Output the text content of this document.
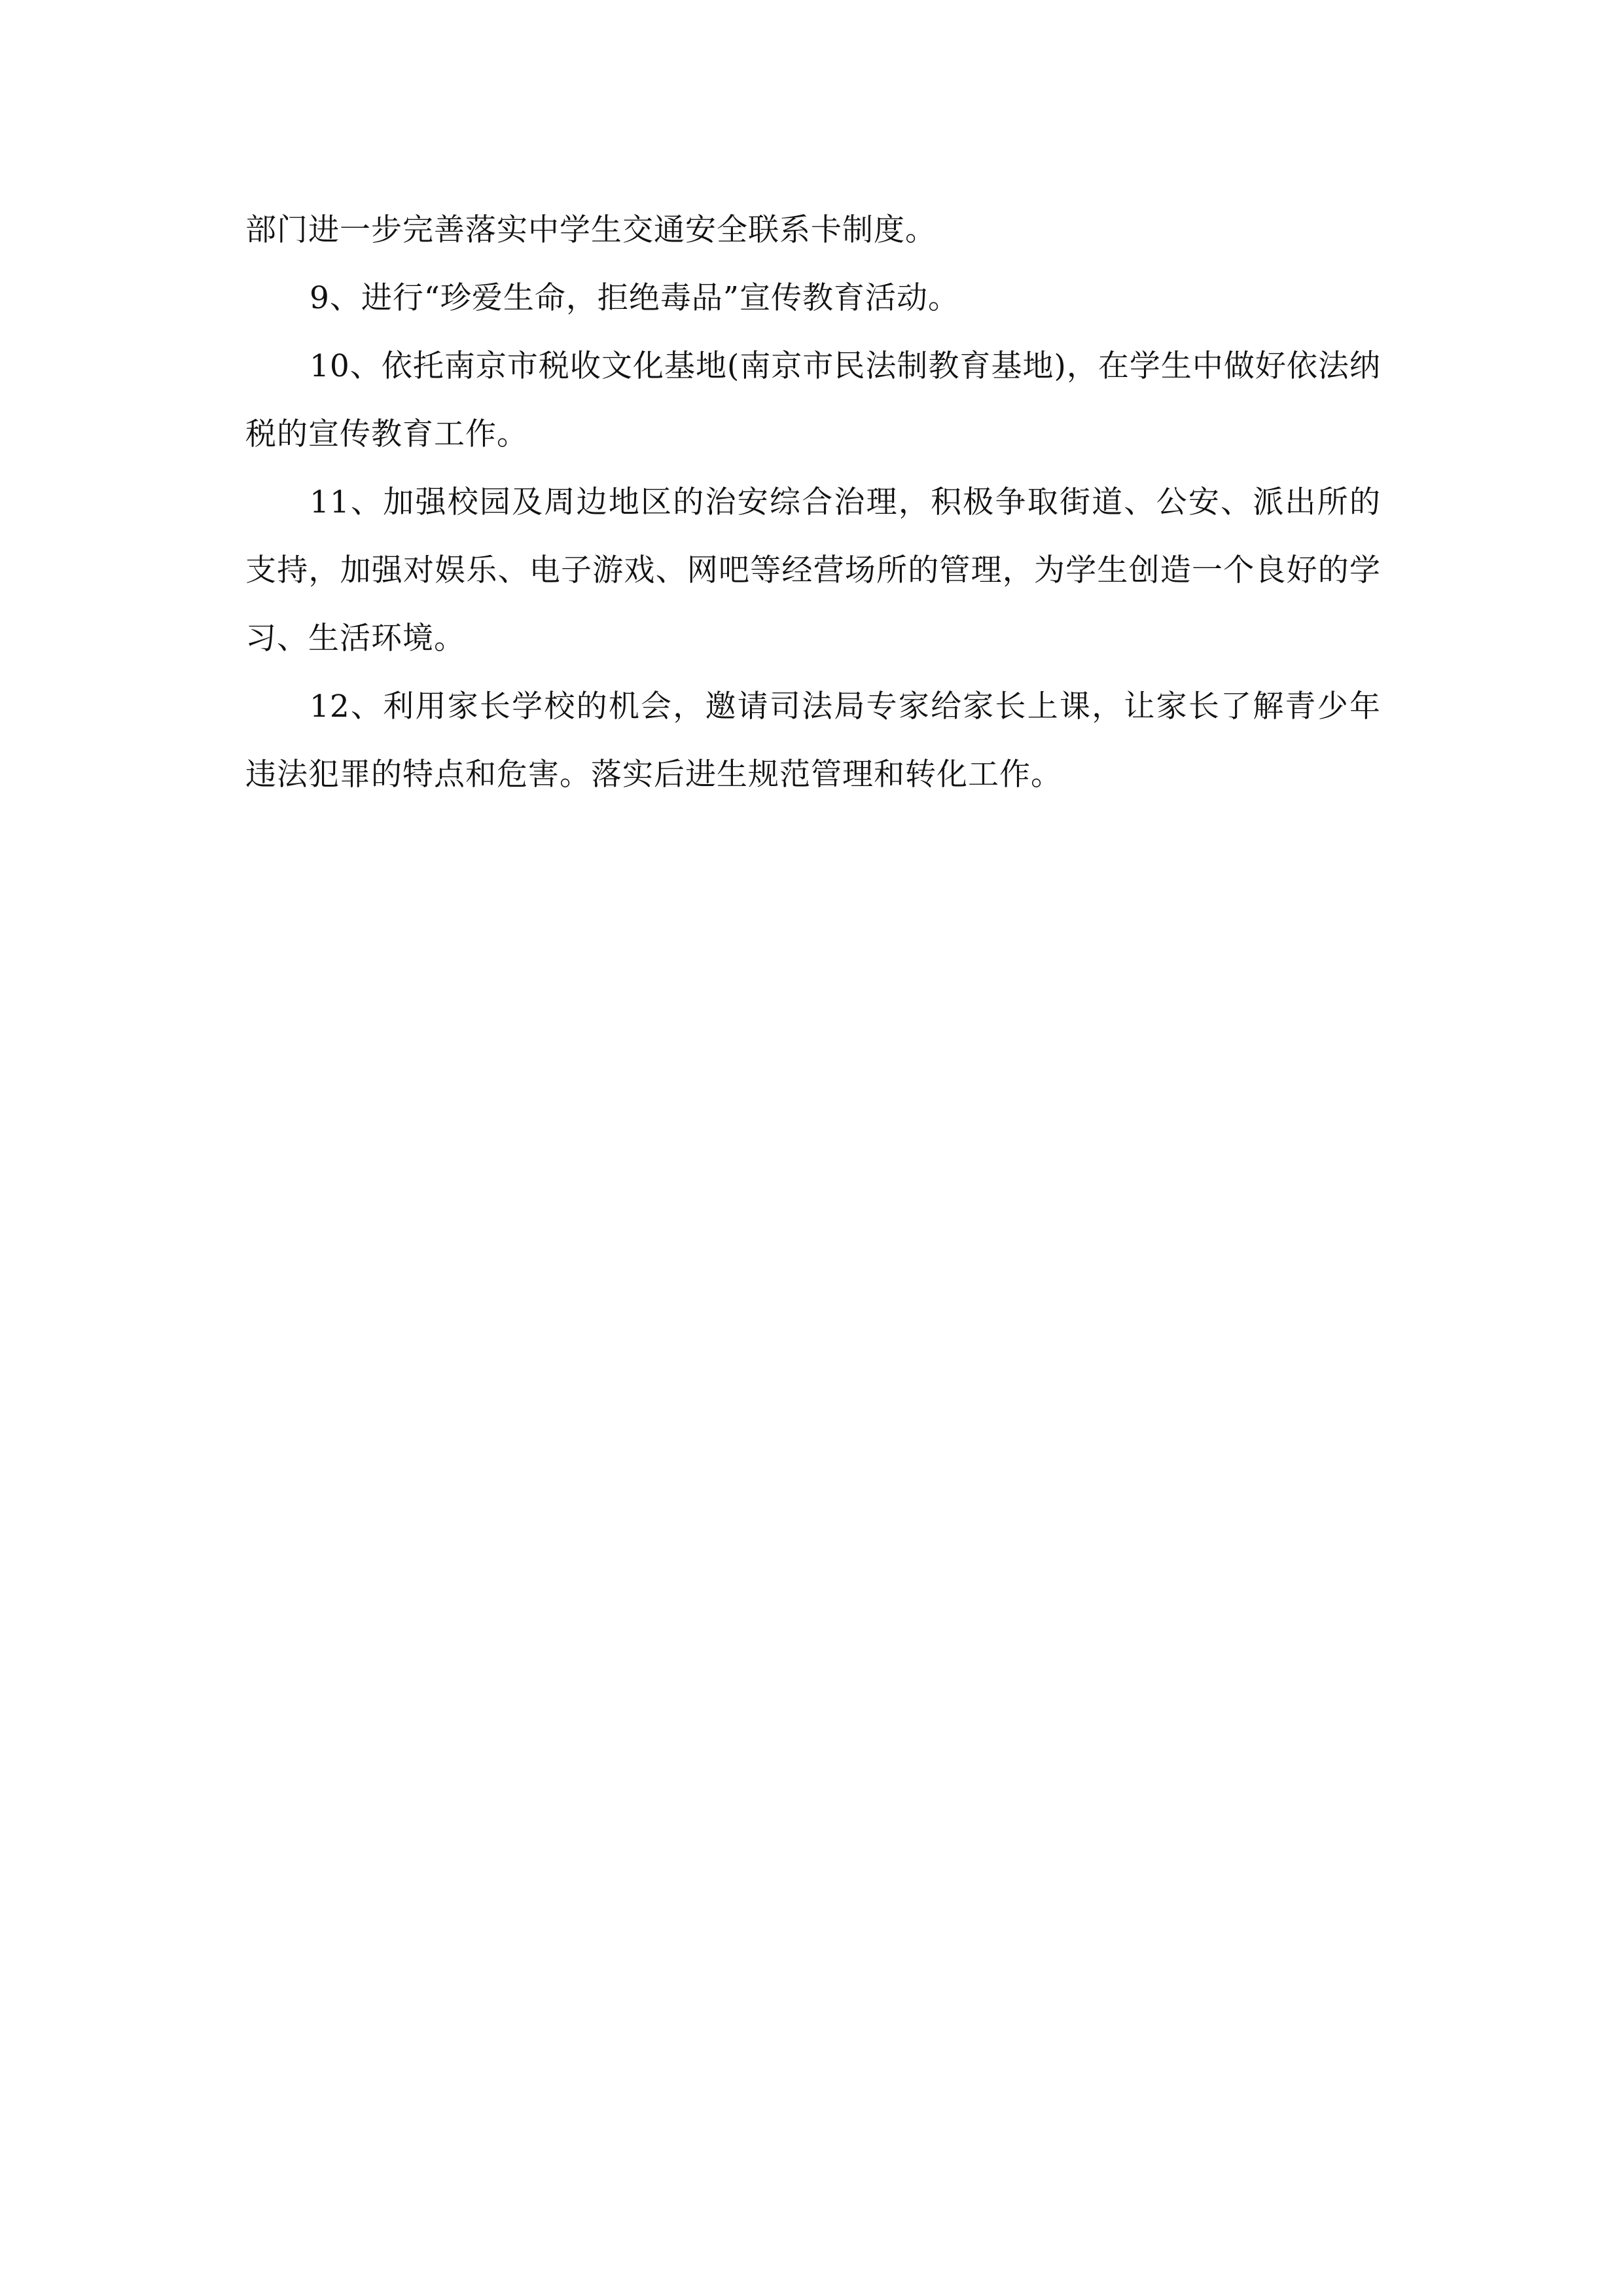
部门进一步完善落实中学生交通安全联系卡制度。

9、进行“珍爱生命，拒绝毒品”宣传教育活动。

10、依托南京市税收文化基地(南京市民法制教育基地)，在学生中做好依法纳税的宣传教育工作。

11、加强校园及周边地区的治安综合治理，积极争取街道、公安、派出所的支持，加强对娱乐、电子游戏、网吧等经营场所的管理，为学生创造一个良好的学习、生活环境。

12、利用家长学校的机会，邀请司法局专家给家长上课，让家长了解青少年违法犯罪的特点和危害。落实后进生规范管理和转化工作。
